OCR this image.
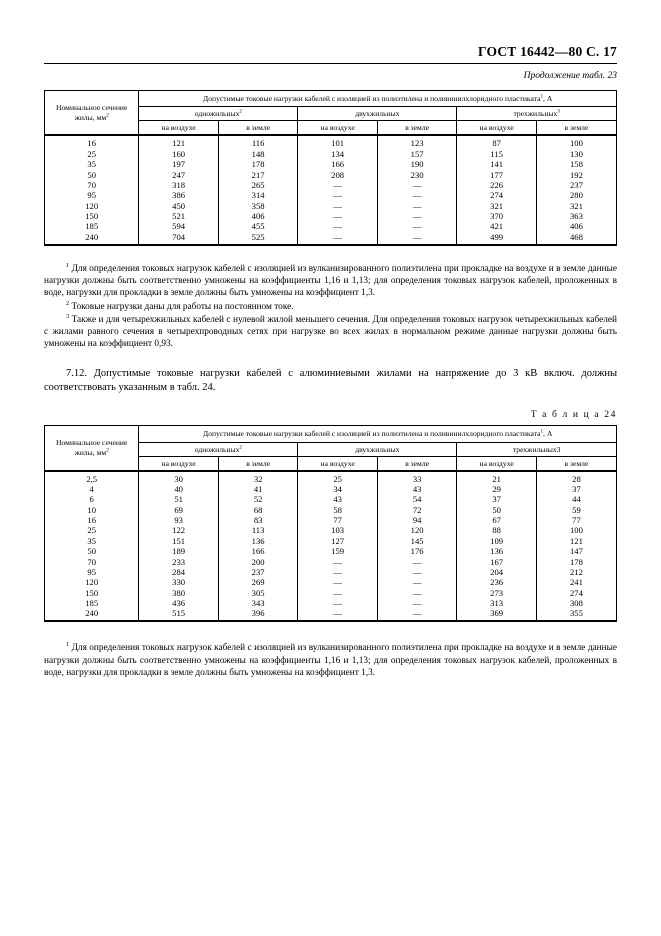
ГОСТ 16442—80 С. 17
Продолжение табл. 23
Номинальное сечение жилы, $мм^2$	Допустимые токовые нагрузки кабелей с изоляцией из полиэтилена и поливинилхлоридного пластиката$^1$, А					
	одножильных$^2$		двухжильных		трехжильных$^3$
	на воздухе	в земле	на воздухе	в земле	на воздухе	в земле

16	121	116	101	123	87	100
25	160	148	134	157	115	130
35	197	178	166	190	141	158
50	247	217	208	230	177	192
70	318	265	—	—	226	237
95	386	314	—	—	274	280
120	450	358	—	—	321	321
150	521	406	—	—	370	363
185	594	455	—	—	421	406
240	704	525	—	—	499	468

$^1$ Для определения токовых нагрузок кабелей с изоляцией из вулканизированного полиэтилена при прокладке на воздухе и в земле данные нагрузки должны быть соответственно умножены на коэффициенты 1,16 и 1,13; для определения токовых нагрузок кабелей, проложенных в воде, нагрузки для прокладки в земле должны быть умножены на коэффициент 1,3.

$^2$ Токовые нагрузки даны для работы на постоянном токе.

$^3$ Также и для четырехжильных кабелей с нулевой жилой меньшего сечения. Для определения токовых нагрузок четырехжильных кабелей с жилами равного сечения в четырехпроводных сетях при нагрузке во всех жилах в нормальном режиме данные нагрузки должны быть умножены на коэффициент 0,93.

7.12. Допустимые токовые нагрузки кабелей с алюминиевыми жилами на напряжение до 3 кВ включ. должны соответствовать указанным в табл. 24.

Т а б л и ц а 24
Номинальное сечение жилы, $мм^2$	Допустимые токовые нагрузки кабелей с изоляцией из полиэтилена и поливинилхлоридного пластиката$^1$, А					
	одножильных$^2$		двухжильных		трехжильных3	
	на воздухе	в земле	на воздухе	в земле	на воздухе	в земле

2,5	30	32	25	33	21	28
4	40	41	34	43	29	37
6	51	52	43	54	37	44
10	69	68	58	72	50	59
16	93	83	77	94	67	77
25	122	113	103	120	88	100
35	151	136	127	145	109	121
50	189	166	159	176	136	147
70	233	200	—	—	167	178
95	284	237	—	—	204	212
120	330	269	—	—	236	241
150	380	305	—	—	273	274
185	436	343	—	—	313	308
240	515	396	—	—	369	355

$^1$ Для определения токовых нагрузок кабелей с изоляцией из вулканизированного полиэтилена при прокладке на воздухе и в земле данные нагрузки должны быть соответственно умножены на коэффициенты 1,16 и 1,13; для определения токовых нагрузок кабелей, проложенных в воде, нагрузки для прокладки в земле должны быть умножены на коэффициент 1,3.
